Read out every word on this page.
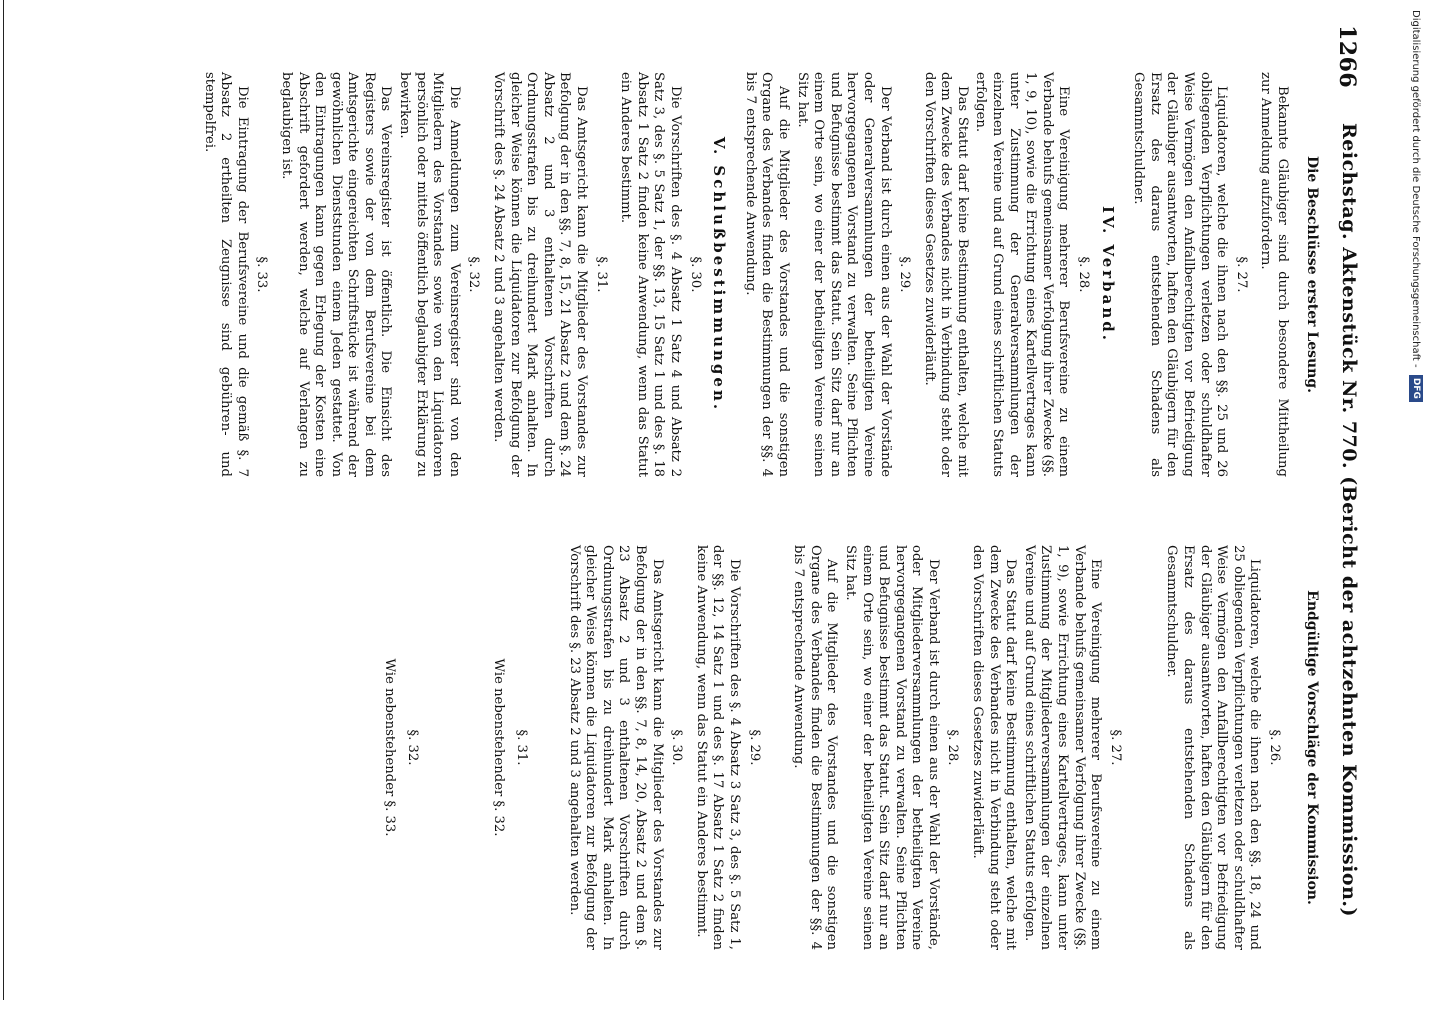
1266
Reichstag. Aktenstück Nr. 770. (Bericht der achtzehnten Kommission.)
Die Beschlüsse erster Lesung.
Endgültige Vorschläge der Kommission.

Bekannte Gläubiger sind durch besondere Mittheilung zur Anmeldung aufzufordern.

§. 27.

Liquidatoren, welche die ihnen nach den §§. 25 und 26 obliegenden Verpflichtungen verletzen oder schuldhafter Weise Vermögen den Anfallberechtigten vor Befriedigung der Gläubiger ausantworten, haften den Gläubigern für den Ersatz des daraus entstehenden Schadens als Gesammtschuldner.

IV. Verband.
§. 28.

Eine Vereinigung mehrerer Berufsvereine zu einem Verbande behufs gemeinsamer Verfolgung ihrer Zwecke (§§. 1, 9, 10), sowie die Errichtung eines Kartellvertrages kann unter Zustimmung der Generalversammlungen der einzelnen Vereine und auf Grund eines schriftlichen Statuts erfolgen.

Das Statut darf keine Bestimmung enthalten, welche mit dem Zwecke des Verbandes nicht in Verbindung steht oder den Vorschriften dieses Gesetzes zuwiderläuft.

§. 29.

Der Verband ist durch einen aus der Wahl der Vorstände oder Generalversammlungen der betheiligten Vereine hervorgegangenen Vorstand zu verwalten. Seine Pflichten und Befugnisse bestimmt das Statut. Sein Sitz darf nur an einem Orte sein, wo einer der betheiligten Vereine seinen Sitz hat.

Auf die Mitglieder des Vorstandes und die sonstigen Organe des Verbandes finden die Bestimmungen der §§. 4 bis 7 entsprechende Anwendung.

V. Schlußbestimmungen.
§. 30.

Die Vorschriften des §. 4 Absatz 1 Satz 4 und Absatz 2 Satz 3, des §. 5 Satz 1, der §§. 13, 15 Satz 1 und des §. 18 Absatz 1 Satz 2 finden keine Anwendung, wenn das Statut ein Anderes bestimmt.

§. 31.

Das Amtsgericht kann die Mitglieder des Vorstandes zur Befolgung der in den §§. 7, 8, 15, 21 Absatz 2 und dem §. 24 Absatz 2 und 3 enthaltenen Vorschriften durch Ordnungsstrafen bis zu dreihundert Mark anhalten. In gleicher Weise können die Liquidatoren zur Befolgung der Vorschrift des §. 24 Absatz 2 und 3 angehalten werden.

§. 32.

Die Anmeldungen zum Vereinsregister sind von den Mitgliedern des Vorstandes sowie von den Liquidatoren persönlich oder mittels öffentlich beglaubigter Erklärung zu bewirken.

Das Vereinsregister ist öffentlich. Die Einsicht des Registers sowie der von dem Berufsvereine bei dem Amtsgerichte eingereichten Schriftstücke ist während der gewöhnlichen Dienststunden einem Jeden gestattet. Von den Eintragungen kann gegen Erlegung der Kosten eine Abschrift gefordert werden, welche auf Verlangen zu beglaubigen ist.

§. 33.

Die Eintragung der Berufsvereine und die gemäß §. 7 Absatz 2 ertheilten Zeugnisse sind gebühren- und stempelfrei.

§. 26.

Liquidatoren, welche die ihnen nach den §§. 18, 24 und 25 obliegenden Verpflichtungen verletzen oder schuldhafter Weise Vermögen den Anfallberechtigten vor Befriedigung der Gläubiger ausantworten, haften den Gläubigern für den Ersatz des daraus entstehenden Schadens als Gesammtschuldner.

§. 27.

Eine Vereinigung mehrerer Berufsvereine zu einem Verbande behufs gemeinsamer Verfolgung ihrer Zwecke (§§. 1, 9), sowie Errichtung eines Kartellvertrages, kann unter Zustimmung der Mitgliederversammlungen der einzelnen Vereine und auf Grund eines schriftlichen Statuts erfolgen.

Das Statut darf keine Bestimmung enthalten, welche mit dem Zwecke des Verbandes nicht in Verbindung steht oder den Vorschriften dieses Gesetzes zuwiderläuft.

§. 28.

Der Verband ist durch einen aus der Wahl der Vorstände, oder Mitgliederversammlungen der betheiligten Vereine hervorgegangenen Vorstand zu verwalten. Seine Pflichten und Befugnisse bestimmt das Statut. Sein Sitz darf nur an einem Orte sein, wo einer der betheiligten Vereine seinen Sitz hat.

Auf die Mitglieder des Vorstandes und die sonstigen Organe des Verbandes finden die Bestimmungen der §§. 4 bis 7 entsprechende Anwendung.

§. 29.

Die Vorschriften des §. 4 Absatz 3 Satz 3, des §. 5 Satz 1, der §§. 12, 14 Satz 1 und des §. 17 Absatz 1 Satz 2 finden keine Anwendung, wenn das Statut ein Anderes bestimmt.

§. 30.

Das Amtsgericht kann die Mitglieder des Vorstandes zur Befolgung der in den §§. 7, 8, 14, 20, Absatz 2 und dem §. 23 Absatz 2 und 3 enthaltenen Vorschriften durch Ordnungsstrafen bis zu dreihundert Mark anhalten. In gleicher Weise können die Liquidatoren zur Befolgung der Vorschrift des §. 23 Absatz 2 und 3 angehalten werden.

§. 31.
Wie nebenstehender §. 32.
§. 32.
Wie nebenstehender §. 33.
Digitalisierung gefördert durch die Deutsche Forschungsgemeinschaft - DFG
